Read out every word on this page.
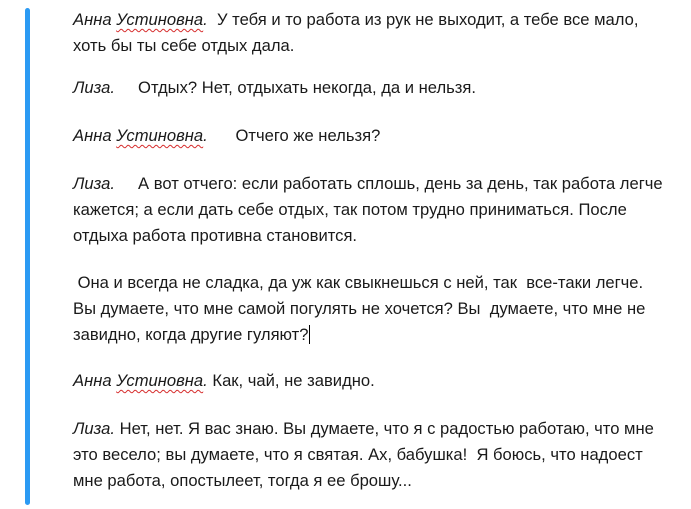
Анна Устиновна.  У тебя и то работа из рук не выходит, а тебе все мало,
хоть бы ты себе отдых дала.

Лиза.     Отдых? Нет, отдыхать некогда, да и нельзя.

Анна Устиновна.      Отчего же нельзя?

Лиза.     А вот отчего: если работать сплошь, день за день, так работа легче
кажется; а если дать себе отдых, так потом трудно приниматься. После
отдыха работа противна становится.

Она и всегда не сладка, да уж как свыкнешься с ней, так  все-таки легче.
Вы думаете, что мне самой погулять не хочется? Вы  думаете, что мне не
завидно, когда другие гуляют?

Анна Устиновна. Как, чай, не завидно.

Лиза. Нет, нет. Я вас знаю. Вы думаете, что я с радостью работаю, что мне
это весело; вы думаете, что я святая. Ах, бабушка!  Я боюсь, что надоест
мне работа, опостылеет, тогда я ее брошу...
